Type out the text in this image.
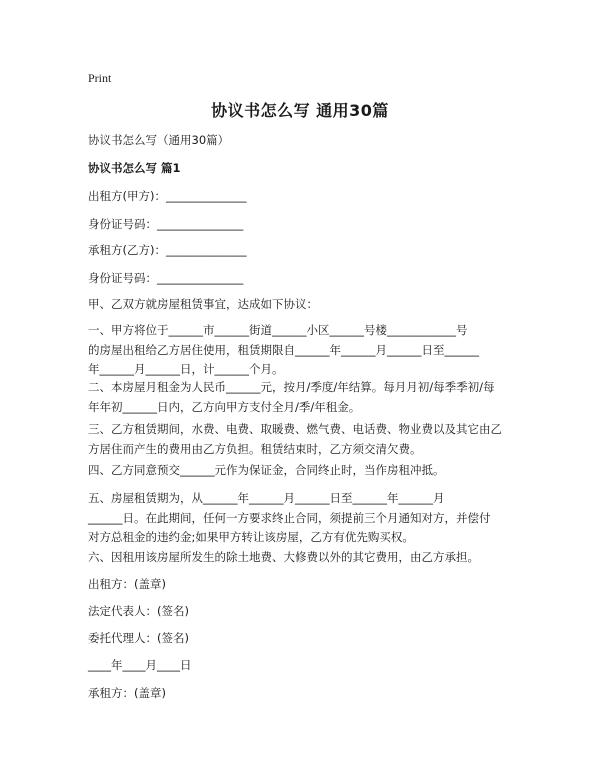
Print
协议书怎么写 通用30篇
协议书怎么写（通用30篇）
协议书怎么写 篇1
出租方(甲方)：______________
身份证号码：_______________
承租方(乙方)：______________
身份证号码：_______________
甲、乙双方就房屋租赁事宜，达成如下协议：
一、甲方将位于______市______街道______小区______号楼____________号
的房屋出租给乙方居住使用，租赁期限自______年______月______日至______
年______月______日，计______个月。
二、本房屋月租金为人民币______元，按月/季度/年结算。每月月初/每季季初/每
年年初______日内，乙方向甲方支付全月/季/年租金。
三、乙方租赁期间，水费、电费、取暖费、燃气费、电话费、物业费以及其它由乙
方居住而产生的费用由乙方负担。租赁结束时，乙方须交清欠费。
四、乙方同意预交______元作为保证金，合同终止时，当作房租冲抵。
五、房屋租赁期为，从______年______月______日至______年______月
______日。在此期间，任何一方要求终止合同，须提前三个月通知对方，并偿付
对方总租金的违约金;如果甲方转让该房屋，乙方有优先购买权。
六、因租用该房屋所发生的除土地费、大修费以外的其它费用，由乙方承担。
出租方：(盖章)
法定代表人：(签名)
委托代理人：(签名)
____年____月____日
承租方：(盖章)
